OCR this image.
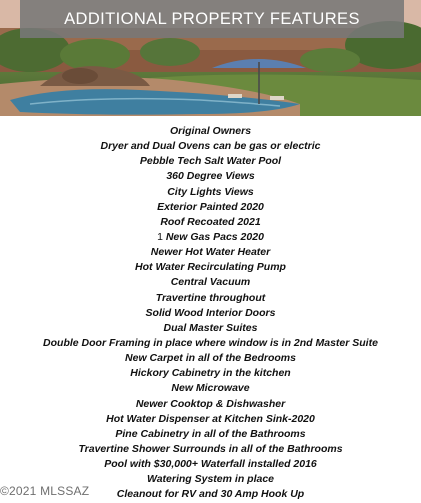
ADDITIONAL PROPERTY FEATURES
Original Owners
Dryer and Dual Ovens can be gas or electric
Pebble Tech Salt Water Pool
360 Degree Views
City Lights Views
Exterior Painted 2020
Roof Recoated 2021
1 New Gas Pacs 2020
Newer Hot Water Heater
Hot Water Recirculating Pump
Central Vacuum
Travertine throughout
Solid Wood Interior Doors
Dual Master Suites
Double Door Framing in place where window is in 2nd Master Suite
New Carpet in all of the Bedrooms
Hickory Cabinetry in the kitchen
New Microwave
Newer Cooktop & Dishwasher
Hot Water Dispenser at Kitchen Sink-2020
Pine Cabinetry in all of the Bathrooms
Travertine Shower Surrounds in all of the Bathrooms
Pool with $30,000+ Waterfall installed 2016
Watering System in place
Cleanout for RV and 30 Amp Hook Up
©2021 MLSSAZ
